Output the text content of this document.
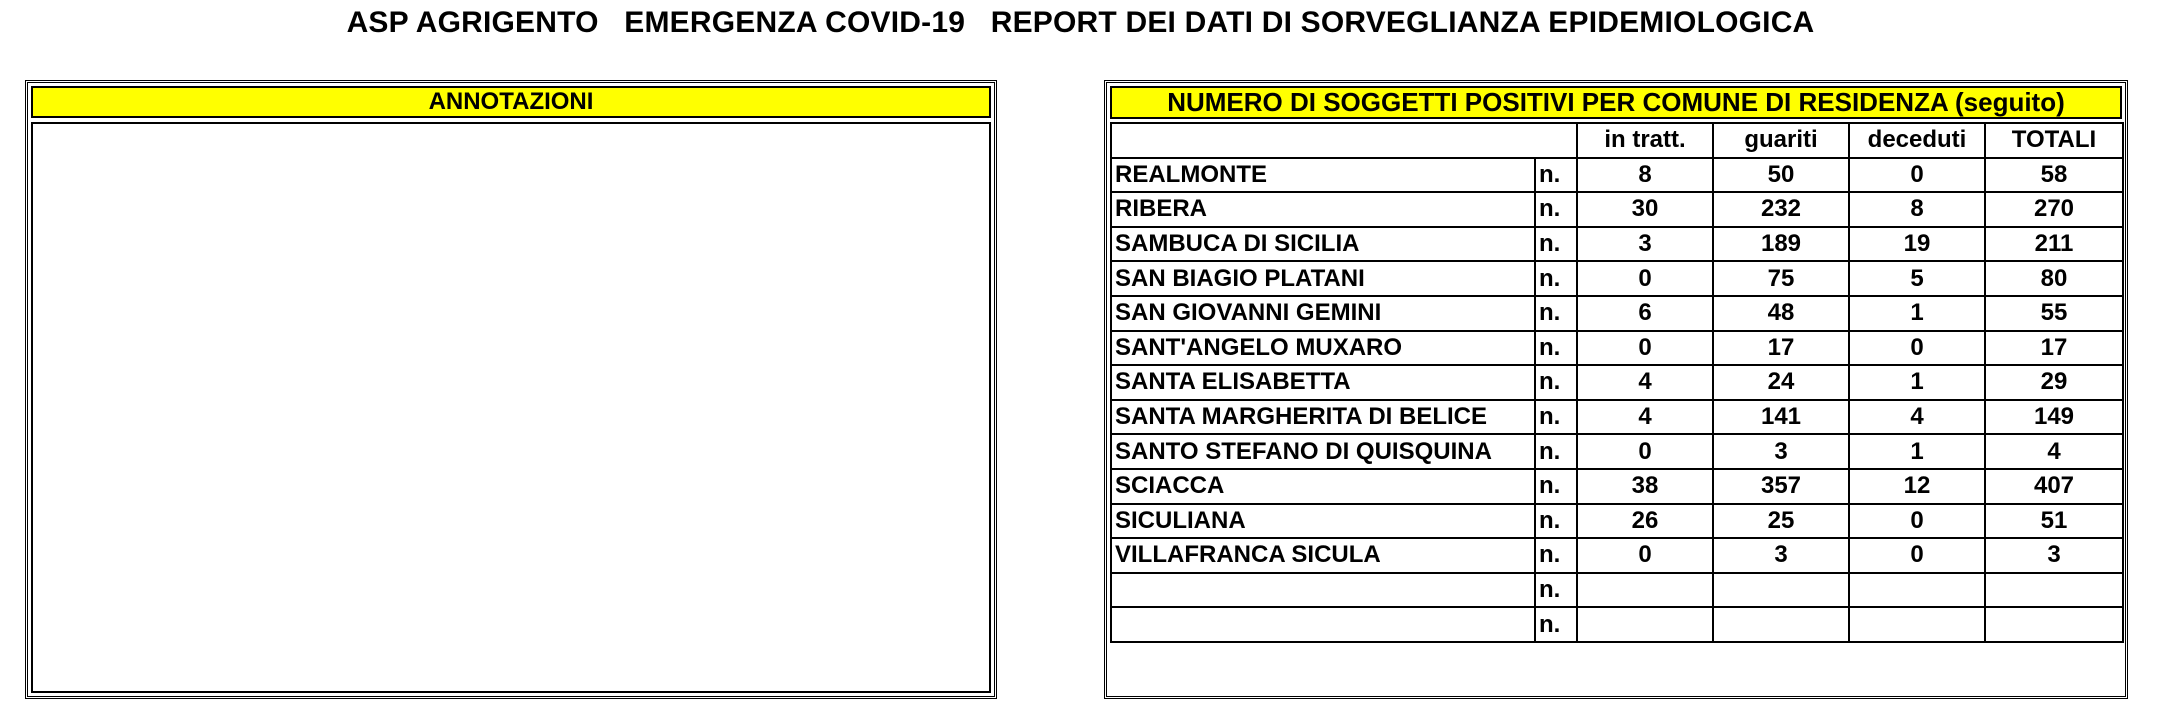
ASP AGRIGENTO   EMERGENZA COVID-19   REPORT DEI DATI DI SORVEGLIANZA EPIDEMIOLOGICA
ANNOTAZIONI	NUMERO DI SOGGETTI POSITIVI PER COMUNE DI RESIDENZA (seguito)
		in tratt.	guariti	deceduti	TOTALI
REALMONTE	n.	8	50	0	58
RIBERA	n.	30	232	8	270
SAMBUCA DI SICILIA	n.	3	189	19	211
SAN BIAGIO PLATANI	n.	0	75	5	80
SAN GIOVANNI GEMINI	n.	6	48	1	55
SANT'ANGELO MUXARO	n.	0	17	0	17
SANTA ELISABETTA	n.	4	24	1	29
SANTA MARGHERITA DI BELICE	n.	4	141	4	149
SANTO STEFANO DI QUISQUINA	n.	0	3	1	4
SCIACCA	n.	38	357	12	407
SICULIANA	n.	26	25	0	51
VILLAFRANCA SICULA	n.	0	3	0	3
	n.				
	n.				
